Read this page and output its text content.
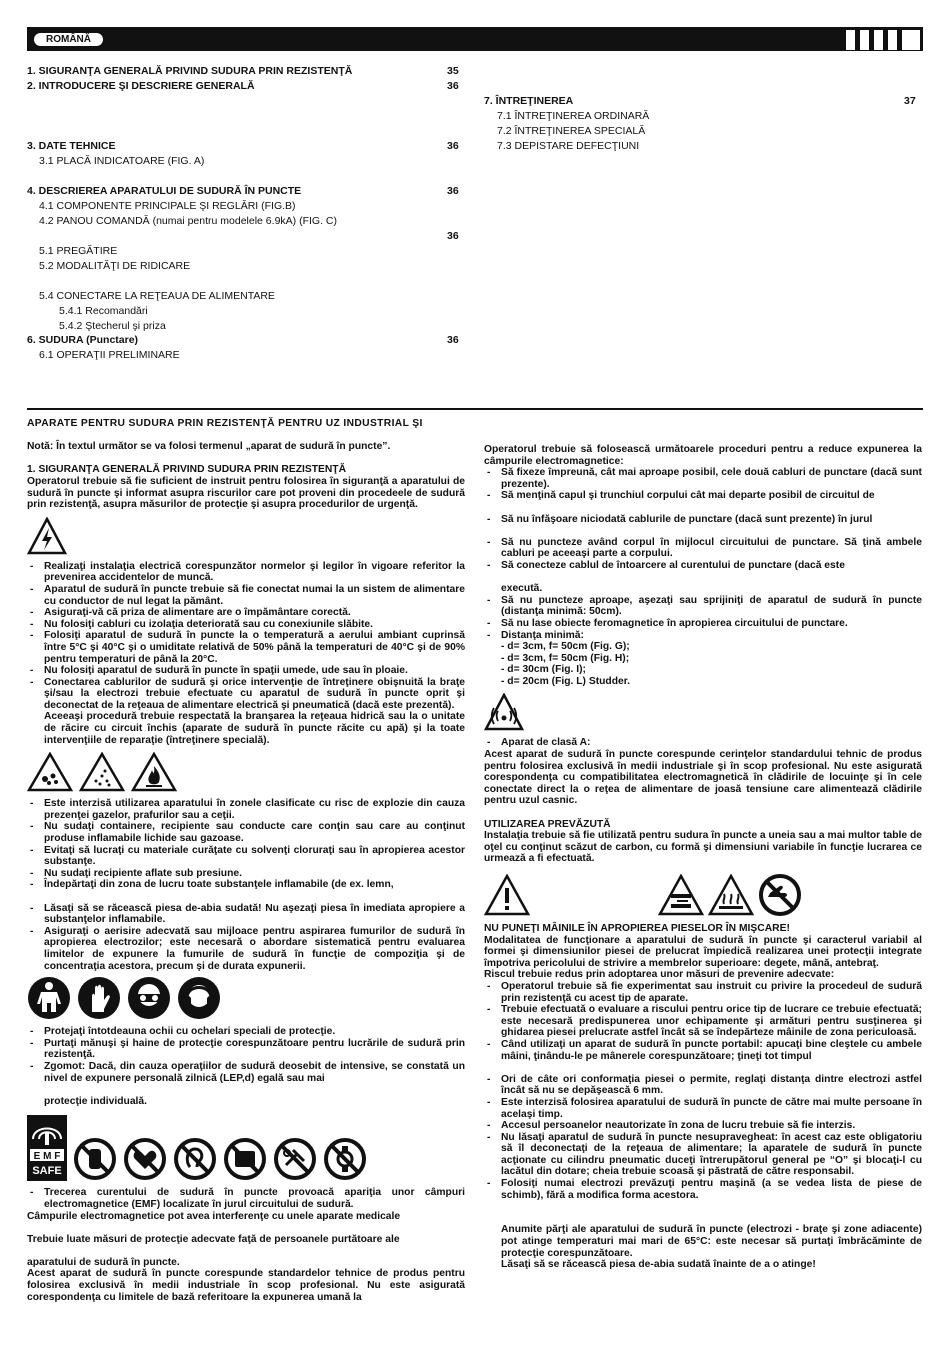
ROMÂNĂ
1. SIGURANŢA GENERALĂ PRIVIND SUDURA PRIN REZISTENŢĂ	35
2. INTRODUCERE ŞI DESCRIERE GENERALĂ	36
3. DATE TEHNICE	36
3.1 PLACĂ INDICATOARE (FIG. A)
4. DESCRIEREA APARATULUI DE SUDURĂ ÎN PUNCTE	36
4.1 COMPONENTE PRINCIPALE ŞI REGLĂRI (FIG.B)
4.2 PANOU COMANDĂ (numai pentru modelele 6.9kA) (FIG. C)
36
5.1 PREGĂTIRE
5.2 MODALITĂŢI DE RIDICARE
5.4 CONECTARE LA REŢEAUA DE ALIMENTARE
5.4.1 Recomandări
5.4.2 Ştecherul şi priza
6. SUDURA (Punctare)	36
6.1 OPERAŢII PRELIMINARE
7. ÎNTREŢINEREA	37
7.1 ÎNTREŢINEREA ORDINARĂ
7.2 ÎNTREŢINEREA SPECIALĂ
7.3 DEPISTARE DEFECŢIUNI

APARATE PENTRU SUDURA PRIN REZISTENŢĂ PENTRU UZ INDUSTRIAL ŞI

Notă: În textul următor se va folosi termenul „aparat de sudură în puncte”.

1. SIGURANŢA GENERALĂ PRIVIND SUDURA PRIN REZISTENŢĂ

Operatorul trebuie să fie suficient de instruit pentru folosirea în siguranţă a aparatului de sudură în puncte şi informat asupra riscurilor care pot proveni din procedeele de sudură prin rezistenţă, asupra măsurilor de protecţie şi asupra procedurilor de urgenţă.

- Realizaţi instalaţia electrică corespunzător normelor şi legilor în vigoare referitor la prevenirea accidentelor de muncă.
- Aparatul de sudură în puncte trebuie să fie conectat numai la un sistem de alimentare cu conductor de nul legat la pământ.
- Asiguraţi-vă că priza de alimentare are o împământare corectă.
- Nu folosiţi cabluri cu izolaţia deteriorată sau cu conexiunile slăbite.
- Folosiţi aparatul de sudură în puncte la o temperatură a aerului ambiant cuprinsă între 5°C şi 40°C şi o umiditate relativă de 50% până la temperaturi de 40°C şi de 90% pentru temperaturi de până la 20°C.
- Nu folosiţi aparatul de sudură în puncte în spaţii umede, ude sau în ploaie.
- Conectarea cablurilor de sudură şi orice intervenţie de întreţinere obişnuită la braţe şi/sau la electrozi trebuie efectuate cu aparatul de sudură în puncte oprit şi deconectat de la reţeaua de alimentare electrică şi pneumatică (dacă este prezentă).

Aceeaşi procedură trebuie respectată la branşarea la reţeaua hidrică sau la o unitate de răcire cu circuit închis (aparate de sudură în puncte răcite cu apă) şi la toate intervenţiile de reparaţie (întreţinere specială).

- Este interzisă utilizarea aparatului în zonele clasificate cu risc de explozie din cauza prezenţei gazelor, prafurilor sau a ceţii.
- Nu sudaţi containere, recipiente sau conducte care conţin sau care au conţinut produse inflamabile lichide sau gazoase.
- Evitaţi să lucraţi cu materiale curăţate cu solvenţi cloruraţi sau în apropierea acestor substanţe.
- Nu sudaţi recipiente aflate sub presiune.
- Îndepărtaţi din zona de lucru toate substanţele inflamabile (de ex. lemn,
- Lăsaţi să se răcească piesa de-abia sudată! Nu aşezaţi piesa în imediata apropiere a substanţelor inflamabile.
- Asiguraţi o aerisire adecvată sau mijloace pentru aspirarea fumurilor de sudură în apropierea electrozilor; este necesară o abordare sistematică pentru evaluarea limitelor de expunere la fumurile de sudură în funcţie de compoziţia şi de concentraţia acestora, precum şi de durata expunerii.
- Protejaţi întotdeauna ochii cu ochelari speciali de protecţie.
- Purtaţi mănuşi şi haine de protecţie corespunzătoare pentru lucrările de sudură prin rezistenţă.
- Zgomot: Dacă, din cauza operaţiilor de sudură deosebit de intensive, se constată un nivel de expunere personală zilnică (LEP,d) egală sau mai

protecţie individuală.

E M F
SAFE
- Trecerea curentului de sudură în puncte provoacă apariţia unor câmpuri electromagnetice (EMF) localizate în jurul circuitului de sudură.

Câmpurile electromagnetice pot avea interferenţe cu unele aparate medicale

Trebuie luate măsuri de protecţie adecvate faţă de persoanele purtătoare ale

aparatului de sudură în puncte.

Acest aparat de sudură în puncte corespunde standardelor tehnice de produs pentru folosirea exclusivă în medii industriale în scop profesional. Nu este asigurată corespondenţa cu limitele de bază referitoare la expunerea umană la

Operatorul trebuie să folosească următoarele proceduri pentru a reduce expunerea la câmpurile electromagnetice:

- Să fixeze împreună, cât mai aproape posibil, cele două cabluri de punctare (dacă sunt prezente).
- Să menţină capul şi trunchiul corpului cât mai departe posibil de circuitul de
- Să nu înfăşoare niciodată cablurile de punctare (dacă sunt prezente) în jurul
- Să nu puncteze având corpul în mijlocul circuitului de punctare. Să ţină ambele cabluri pe aceeaşi parte a corpului.
- Să conecteze cablul de întoarcere al curentului de punctare (dacă este

executã.

- Să nu puncteze aproape, aşezaţi sau sprijiniţi de aparatul de sudură în puncte (distanţa minimă: 50cm).
- Să nu lase obiecte feromagnetice în apropierea circuitului de punctare.
- Distanţa minimă:

- d= 3cm, f= 50cm (Fig. G);

- d= 3cm, f= 50cm (Fig. H);

- d= 30cm (Fig. I);

- d= 20cm (Fig. L) Studder.

- Aparat de clasă A:

Acest aparat de sudură în puncte corespunde cerinţelor standardului tehnic de produs pentru folosirea exclusivă în medii industriale şi în scop profesional. Nu este asigurată corespondenţa cu compatibilitatea electromagnetică în clădirile de locuinţe şi în cele conectate direct la o reţea de alimentare de joasă tensiune care alimentează clădirile pentru uzul casnic.

UTILIZAREA PREVĂZUTĂ

Instalaţia trebuie să fie utilizată pentru sudura în puncte a uneia sau a mai multor table de oţel cu conţinut scăzut de carbon, cu formă şi dimensiuni variabile în funcţie lucrarea ce urmează a fi efectuată.

NU PUNEŢI MÂINILE ÎN APROPIEREA PIESELOR ÎN MIŞCARE!

Modalitatea de funcţionare a aparatului de sudură în puncte şi caracterul variabil al formei şi dimensiunilor piesei de prelucrat împiedică realizarea unei protecţii integrate împotriva pericolului de strivire a membrelor superioare: degete, mână, antebraţ.

Riscul trebuie redus prin adoptarea unor măsuri de prevenire adecvate:

- Operatorul trebuie să fie experimentat sau instruit cu privire la procedeul de sudură prin rezistenţă cu acest tip de aparate.
- Trebuie efectuată o evaluare a riscului pentru orice tip de lucrare ce trebuie efectuată; este necesară predispunerea unor echipamente şi armături pentru susţinerea şi ghidarea piesei prelucrate astfel încât să se îndepărteze mâinile de zona periculoasă.
- Când utilizaţi un aparat de sudură în puncte portabil: apucaţi bine cleştele cu ambele mâini, ţinându-le pe mânerele corespunzătoare; ţineţi tot timpul
- Ori de câte ori conformaţia piesei o permite, reglaţi distanţa dintre electrozi astfel încât să nu se depăşească 6 mm.
- Este interzisă folosirea aparatului de sudură în puncte de către mai multe persoane în acelaşi timp.
- Accesul persoanelor neautorizate în zona de lucru trebuie să fie interzis.
- Nu lăsaţi aparatul de sudură în puncte nesupravegheat: în acest caz este obligatoriu să îl deconectaţi de la reţeaua de alimentare; la aparatele de sudură în puncte acţionate cu cilindru pneumatic duceţi întrerupătorul general pe “O” şi blocaţi-l cu lacătul din dotare; cheia trebuie scoasă şi păstrată de către responsabil.
- Folosiţi numai electrozi prevăzuţi pentru maşină (a se vedea lista de piese de schimb), fără a modifica forma acestora.

Anumite părţi ale aparatului de sudură în puncte (electrozi - braţe şi zone adiacente) pot atinge temperaturi mai mari de 65°C: este necesar să purtaţi îmbrăcăminte de protecţie corespunzătoare.

Lăsaţi să se răcească piesa de-abia sudată înainte de a o atinge!
